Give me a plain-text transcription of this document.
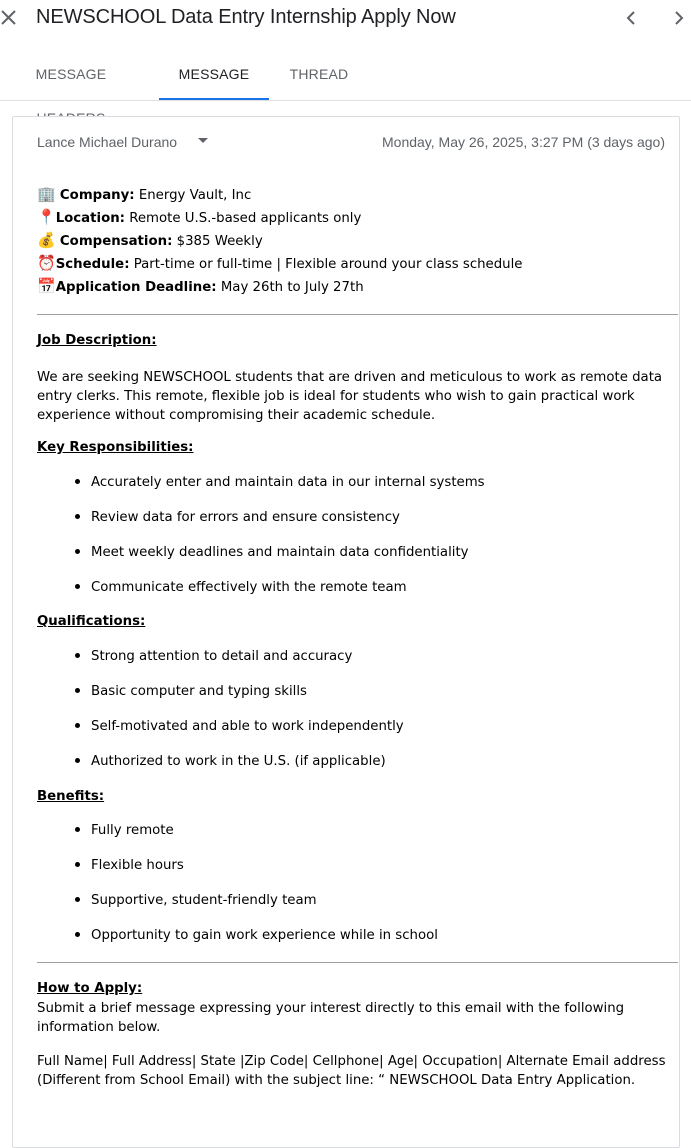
NEWSCHOOL Data Entry Internship Apply Now
MESSAGE	MESSAGE	THREAD
Lance Michael Durano	Monday, May 26, 2025, 3:27 PM (3 days ago)
🏢 Company: Energy Vault, Inc
📍Location: Remote U.S.-based applicants only
💰 Compensation: $385 Weekly
⏰Schedule: Part-time or full-time | Flexible around your class schedule
📅Application Deadline: May 26th to July 27th
Job Description:
We are seeking NEWSCHOOL students that are driven and meticulous to work as remote data entry clerks. This remote, flexible job is ideal for students who wish to gain practical work experience without compromising their academic schedule.
Key Responsibilities:
Accurately enter and maintain data in our internal systems
Review data for errors and ensure consistency
Meet weekly deadlines and maintain data confidentiality
Communicate effectively with the remote team
Qualifications:
Strong attention to detail and accuracy
Basic computer and typing skills
Self-motivated and able to work independently
Authorized to work in the U.S. (if applicable)
Benefits:
Fully remote
Flexible hours
Supportive, student-friendly team
Opportunity to gain work experience while in school
How to Apply:
Submit a brief message expressing your interest directly to this email with the following information below.
Full Name| Full Address| State |Zip Code| Cellphone| Age| Occupation| Alternate Email address (Different from School Email) with the subject line: “ NEWSCHOOL Data Entry Application.
